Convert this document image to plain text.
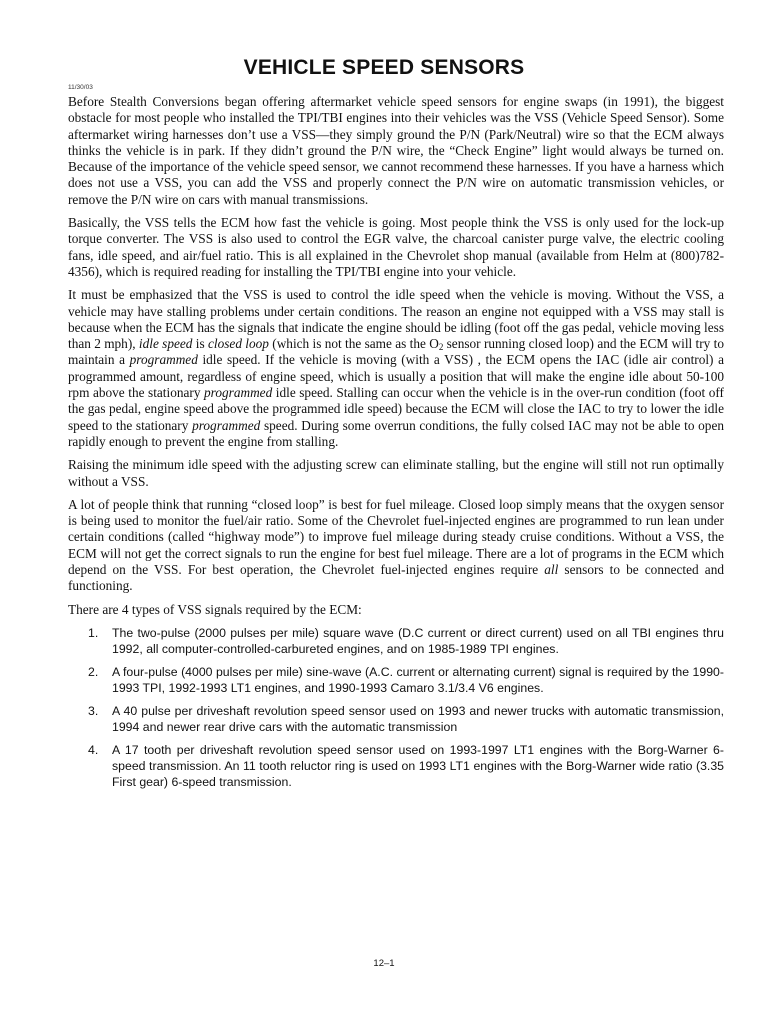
VEHICLE SPEED SENSORS
11/30/03

Before Stealth Conversions began offering aftermarket vehicle speed sensors for engine swaps (in 1991), the biggest obstacle for most people who installed the TPI/TBI engines into their vehicles was the VSS (Vehicle Speed Sensor). Some aftermarket wiring harnesses don’t use a VSS—they simply ground the P/N (Park/Neutral) wire so that the ECM always thinks the vehicle is in park. If they didn’t ground the P/N wire, the “Check Engine” light would always be turned on. Because of the importance of the vehicle speed sensor, we cannot recommend these harnesses. If you have a harness which does not use a VSS, you can add the VSS and properly connect the P/N wire on automatic transmission vehicles, or remove the P/N wire on cars with manual transmissions.

Basically, the VSS tells the ECM how fast the vehicle is going. Most people think the VSS is only used for the lock-up torque converter. The VSS is also used to control the EGR valve, the charcoal canister purge valve, the electric cooling fans, idle speed, and air/fuel ratio. This is all explained in the Chevrolet shop manual (available from Helm at (800)782-4356), which is required reading for installing the TPI/TBI engine into your vehicle.

It must be emphasized that the VSS is used to control the idle speed when the vehicle is moving. Without the VSS, a vehicle may have stalling problems under certain conditions. The reason an engine not equipped with a VSS may stall is because when the ECM has the signals that indicate the engine should be idling (foot off the gas pedal, vehicle moving less than 2 mph), idle speed is closed loop (which is not the same as the $O_2$ sensor running closed loop) and the ECM will try to maintain a programmed idle speed. If the vehicle is moving (with a VSS) , the ECM opens the IAC (idle air control) a programmed amount, regardless of engine speed, which is usually a position that will make the engine idle about 50-100 rpm above the stationary programmed idle speed. Stalling can occur when the vehicle is in the over-run condition (foot off the gas pedal, engine speed above the programmed idle speed) because the ECM will close the IAC to try to lower the idle speed to the stationary programmed speed. During some overrun conditions, the fully colsed IAC may not be able to open rapidly enough to prevent the engine from stalling.

Raising the minimum idle speed with the adjusting screw can eliminate stalling, but the engine will still not run optimally without a VSS.

A lot of people think that running “closed loop” is best for fuel mileage. Closed loop simply means that the oxygen sensor is being used to monitor the fuel/air ratio. Some of the Chevrolet fuel-injected engines are programmed to run lean under certain conditions (called “highway mode”) to improve fuel mileage during steady cruise conditions. Without a VSS, the ECM will not get the correct signals to run the engine for best fuel mileage. There are a lot of programs in the ECM which depend on the VSS. For best operation, the Chevrolet fuel-injected engines require all sensors to be connected and functioning.

There are 4 types of VSS signals required by the ECM:

1. The two-pulse (2000 pulses per mile) square wave (D.C current or direct current) used on all TBI engines thru 1992, all computer-controlled-carbureted engines, and on 1985-1989 TPI engines.
2. A four-pulse (4000 pulses per mile) sine-wave (A.C. current or alternating current) signal is required by the 1990-1993 TPI, 1992-1993 LT1 engines, and 1990-1993 Camaro 3.1/3.4 V6 engines.
3. A 40 pulse per driveshaft revolution speed sensor used on 1993 and newer trucks with automatic transmission, 1994 and newer rear drive cars with the automatic transmission
4. A 17 tooth per driveshaft revolution speed sensor used on 1993-1997 LT1 engines with the Borg-Warner 6-speed transmission. An 11 tooth reluctor ring is used on 1993 LT1 engines with the Borg-Warner wide ratio (3.35 First gear) 6-speed transmission.
12–1
